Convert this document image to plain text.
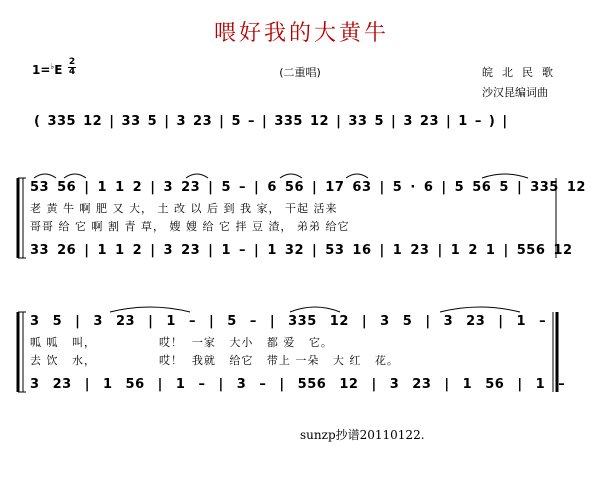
喂好我的大黄牛
1=♭E
2
4	(二重唱)	皖北民歌
沙汉昆编词曲
( 335 12 | 33 5 | 3 23 | 5 – | 335 12 | 33 5 | 3 23 | 1 – ) |
53 56 | 1 1 2 | 3 23 | 5 – | 6 56 | 17 63 | 5 · 6 | 5 56 5 | 335 12
老 黄 牛 啊 肥 又 大， 土 改 以 后 到 我 家， 干起 活来
哥哥 给 它 啊 割 青 草， 嫂 嫂 给 它 拌 豆 渣， 弟弟 给它
33 26 | 1 1 2 | 3 23 | 1 – | 1 32 | 53 16 | 1 23 | 1 2 1 | 556 12
3 5 | 3 23 | 1 – | 5 – | 335 12 | 3 5 | 3 23 | 1 –
呱 呱   叫，              哎！  一家   大小   都 爱   它。
去 饮   水，              哎！  我就   给它   带上 一朵   大 红   花。
3 23 | 1 56 | 1 – | 3 – | 556 12 | 3 23 | 1 56 | 1 –
sunzp抄谱20110122.
